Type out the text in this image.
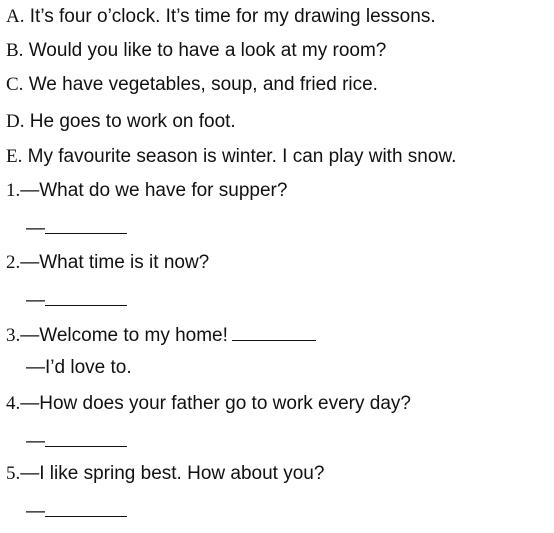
A. It’s four o’clock. It’s time for my drawing lessons.
B. Would you like to have a look at my room?
C. We have vegetables, soup, and fried rice.
D. He goes to work on foot.
E. My favourite season is winter. I can play with snow.
1.—What do we have for supper?
—
2.—What time is it now?
—
3.—Welcome to my home!
—I’d love to.
4.—How does your father go to work every day?
—
5.—I like spring best. How about you?
—
